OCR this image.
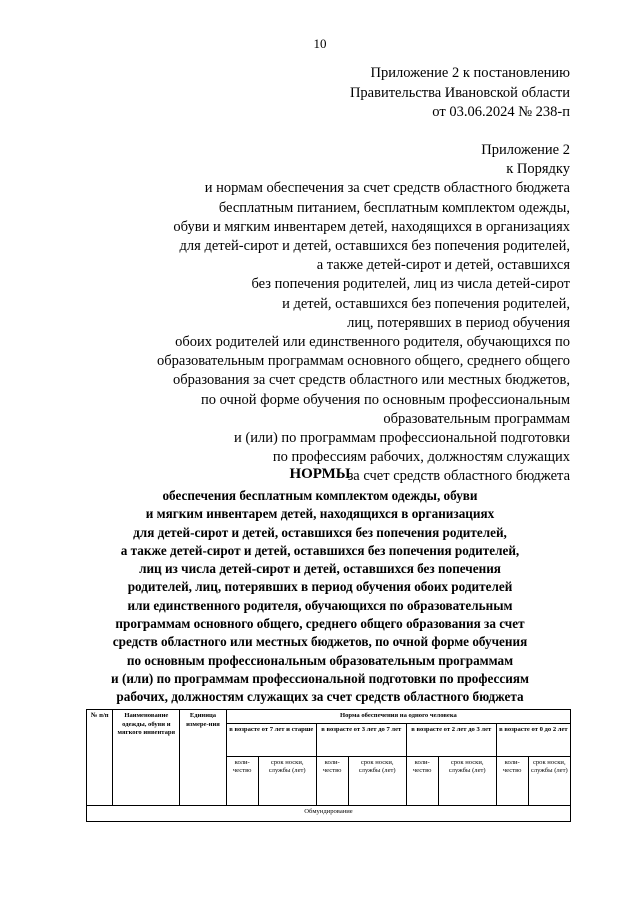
10
Приложение 2 к постановлению
Правительства Ивановской области
от 03.06.2024 № 238-п
Приложение 2
к Порядку
и нормам обеспечения за счет средств областного бюджета
бесплатным питанием, бесплатным комплектом одежды,
обуви и мягким инвентарем детей, находящихся в организациях
для детей-сирот и детей, оставшихся без попечения родителей,
а также детей-сирот и детей, оставшихся
без попечения родителей, лиц из числа детей-сирот
и детей, оставшихся без попечения родителей,
лиц, потерявших в период обучения
обоих родителей или единственного родителя, обучающихся по
образовательным программам основного общего, среднего общего
образования за счет средств областного или местных бюджетов,
по очной форме обучения по основным профессиональным
образовательным программам
и (или) по программам профессиональной подготовки
по профессиям рабочих, должностям служащих
за счет средств областного бюджета
НОРМЫ
обеспечения бесплатным комплектом одежды, обуви
и мягким инвентарем детей, находящихся в организациях
для детей-сирот и детей, оставшихся без попечения родителей,
а также детей-сирот и детей, оставшихся без попечения родителей,
лиц из числа детей-сирот и детей, оставшихся без попечения
родителей, лиц, потерявших в период обучения обоих родителей
или единственного родителя, обучающихся по образовательным
программам основного общего, среднего общего образования за счет
средств областного или местных бюджетов, по очной форме обучения
по основным профессиональным образовательным программам
и (или) по программам профессиональной подготовки по профессиям
рабочих, должностям служащих за счет средств областного бюджета
№ п/п	Наименование одежды, обуви и мягкого инвентаря	Единица измере-ния	Норма обеспечения на одного человека							
			в возрасте от 7 лет и старше		в возрасте от 3 лет до 7 лет		в возрасте от 2 лет до 3 лет		в возрасте от 0 до 2 лет	
			коли-чество	срок носки, службы (лет)	коли-чество	срок носки, службы (лет)	коли-чество	срок носки, службы (лет)	коли-чество	срок носки, службы (лет)
Обмундирование										
